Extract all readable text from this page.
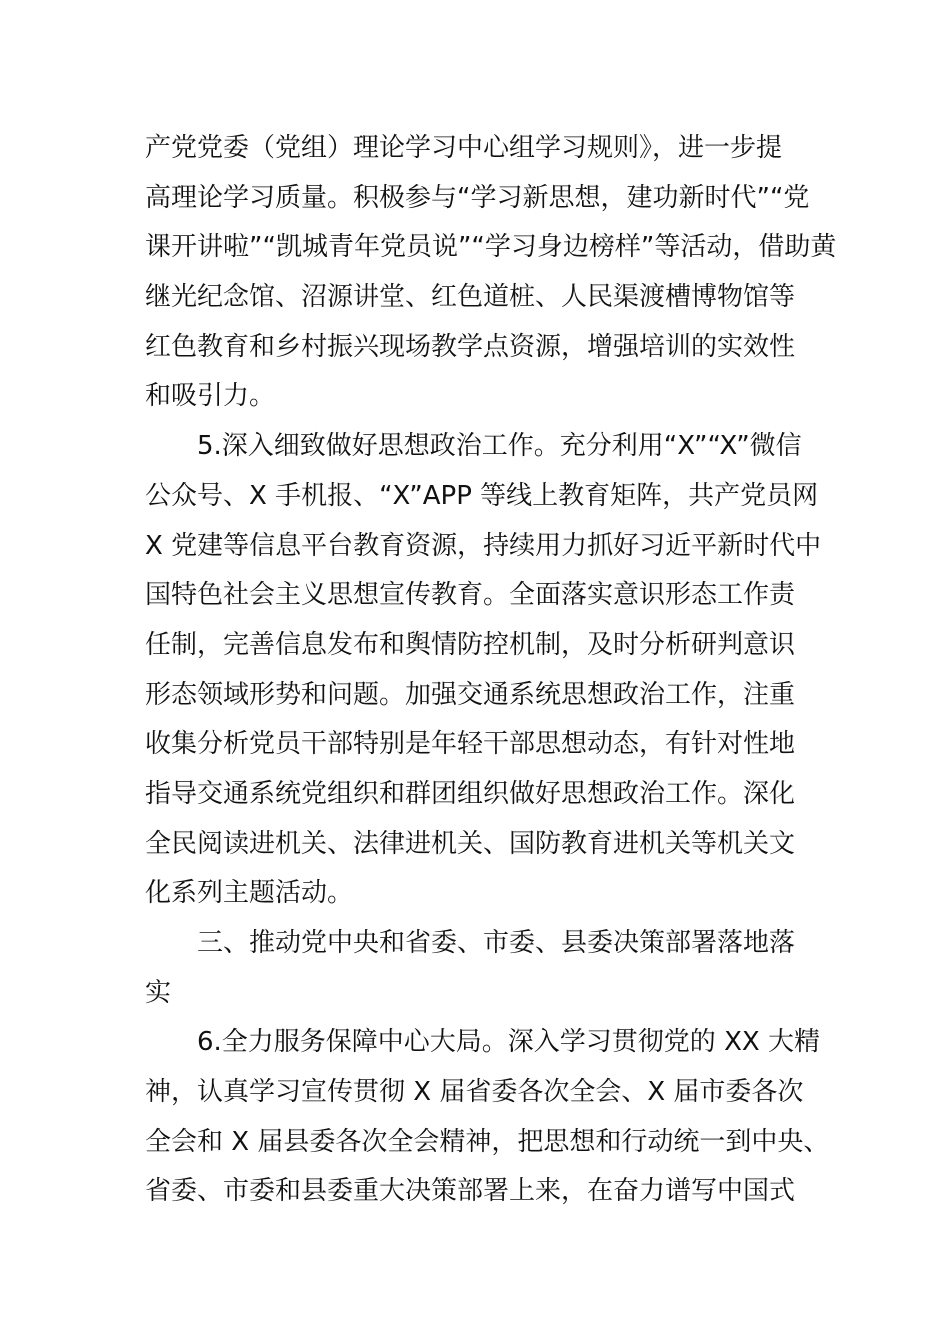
产党党委（党组）理论学习中心组学习规则》，进一步提
高理论学习质量。积极参与“学习新思想，建功新时代”“党
课开讲啦”“凯城青年党员说”“学习身边榜样”等活动，借助黄
继光纪念馆、沼源讲堂、红色道桩、人民渠渡槽博物馆等
红色教育和乡村振兴现场教学点资源，增强培训的实效性
和吸引力。
5.深入细致做好思想政治工作。充分利用“X”“X”微信
公众号、X 手机报、“X”APP 等线上教育矩阵，共产党员网
X 党建等信息平台教育资源，持续用力抓好习近平新时代中
国特色社会主义思想宣传教育。全面落实意识形态工作责
任制，完善信息发布和舆情防控机制，及时分析研判意识
形态领域形势和问题。加强交通系统思想政治工作，注重
收集分析党员干部特别是年轻干部思想动态，有针对性地
指导交通系统党组织和群团组织做好思想政治工作。深化
全民阅读进机关、法律进机关、国防教育进机关等机关文
化系列主题活动。
三、推动党中央和省委、市委、县委决策部署落地落
实
6.全力服务保障中心大局。深入学习贯彻党的 XX 大精
神，认真学习宣传贯彻 X 届省委各次全会、X 届市委各次
全会和 X 届县委各次全会精神，把思想和行动统一到中央、
省委、市委和县委重大决策部署上来，在奋力谱写中国式
